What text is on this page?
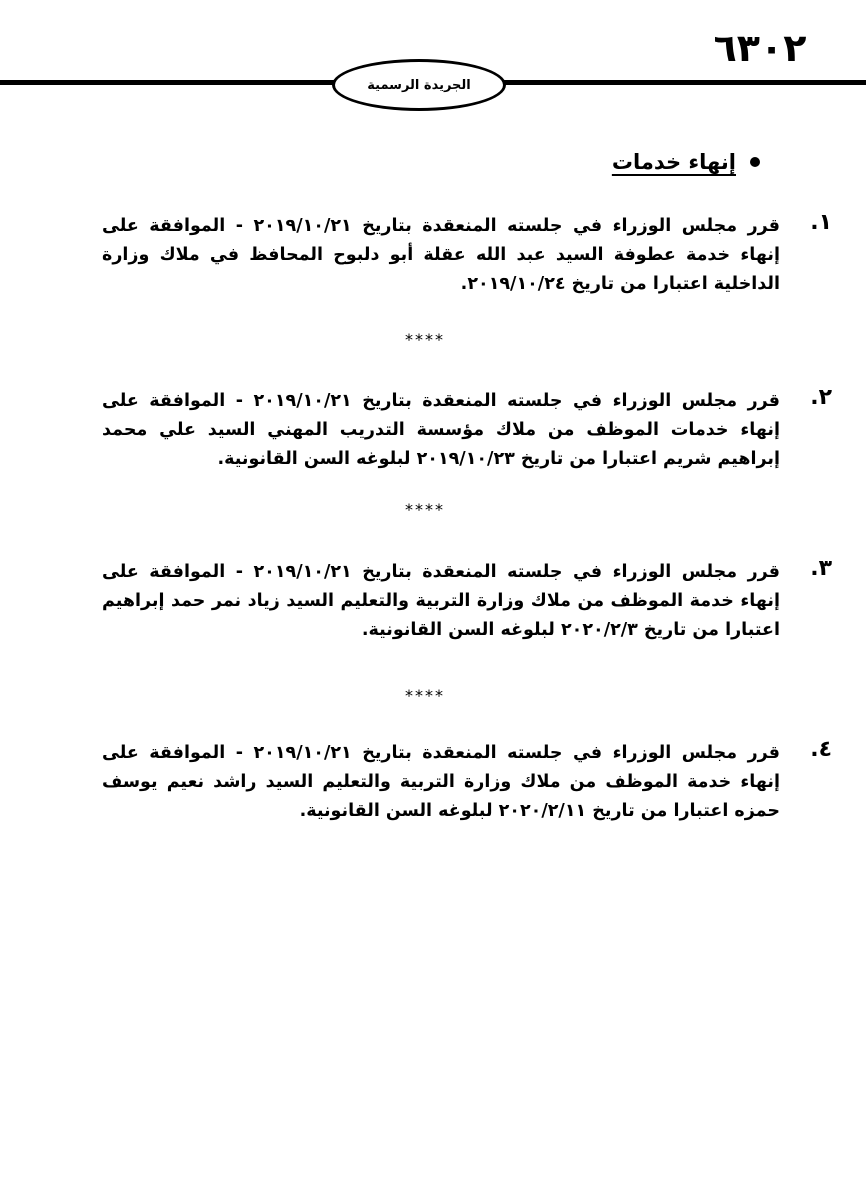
٦٣٠٢
الجريدة الرسمية
إنهاء خدمات
١.
قرر مجلس الوزراء في جلسته المنعقدة بتاريخ ٢٠١٩/١٠/٢١ - الموافقة على إنهاء خدمة عطوفة السيد عبد الله عقلة أبو دلبوح المحافظ في ملاك وزارة الداخلية اعتبارا من تاريخ ٢٠١٩/١٠/٢٤.
****
٢.
قرر مجلس الوزراء في جلسته المنعقدة بتاريخ ٢٠١٩/١٠/٢١ - الموافقة على إنهاء خدمات الموظف من ملاك مؤسسة التدريب المهني السيد علي محمد إبراهيم شريم اعتبارا من تاريخ ٢٠١٩/١٠/٢٣ لبلوغه السن القانونية.
****
٣.
قرر مجلس الوزراء في جلسته المنعقدة بتاريخ ٢٠١٩/١٠/٢١ - الموافقة على إنهاء خدمة الموظف من ملاك وزارة التربية والتعليم السيد زياد نمر حمد إبراهيم اعتبارا من تاريخ ٢٠٢٠/٢/٣ لبلوغه السن القانونية.
****
٤.
قرر مجلس الوزراء في جلسته المنعقدة بتاريخ ٢٠١٩/١٠/٢١ - الموافقة على إنهاء خدمة الموظف من ملاك وزارة التربية والتعليم السيد راشد نعيم يوسف حمزه اعتبارا من تاريخ ٢٠٢٠/٢/١١ لبلوغه السن القانونية.
